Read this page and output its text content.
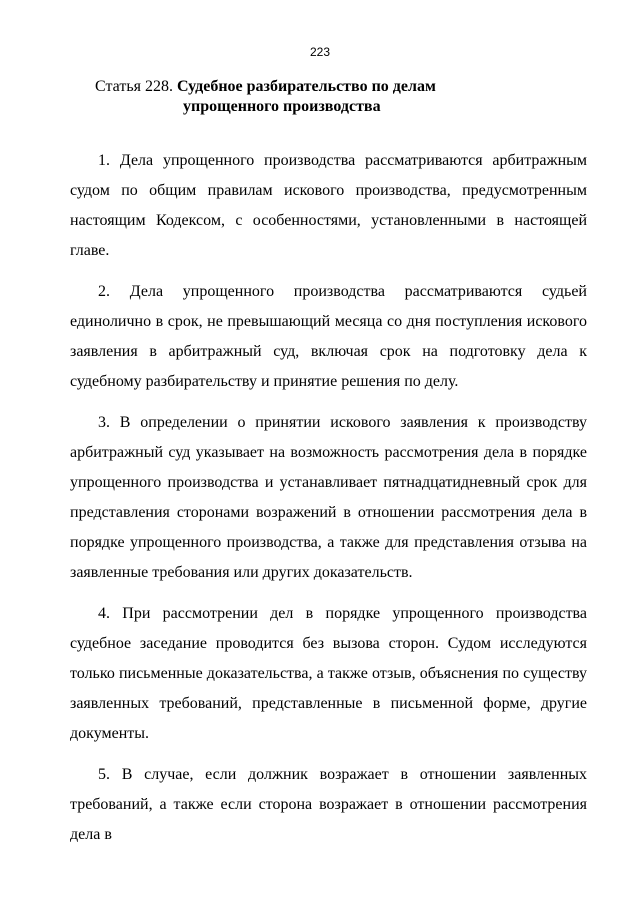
223
Статья 228. Судебное разбирательство по делам
упрощенного производства

1. Дела упрощенного производства рассматриваются арбитражным судом по общим правилам искового производства, предусмотренным настоящим Кодексом, с особенностями, установленными в настоящей главе.

2. Дела упрощенного производства рассматриваются судьей единолично в срок, не превышающий месяца со дня поступления искового заявления в арбитражный суд, включая срок на подготовку дела к судебному разбирательству и принятие решения по делу.

3. В определении о принятии искового заявления к производству арбитражный суд указывает на возможность рассмотрения дела в порядке упрощенного производства и устанавливает пятнадцатидневный срок для представления сторонами возражений в отношении рассмотрения дела в порядке упрощенного производства, а также для представления отзыва на заявленные требования или других доказательств.

4. При рассмотрении дел в порядке упрощенного производства судебное заседание проводится без вызова сторон. Судом исследуются только письменные доказательства, а также отзыв, объяснения по существу заявленных требований, представленные в письменной форме, другие документы.

5. В случае, если должник возражает в отношении заявленных требований, а также если сторона возражает в отношении рассмотрения дела в
